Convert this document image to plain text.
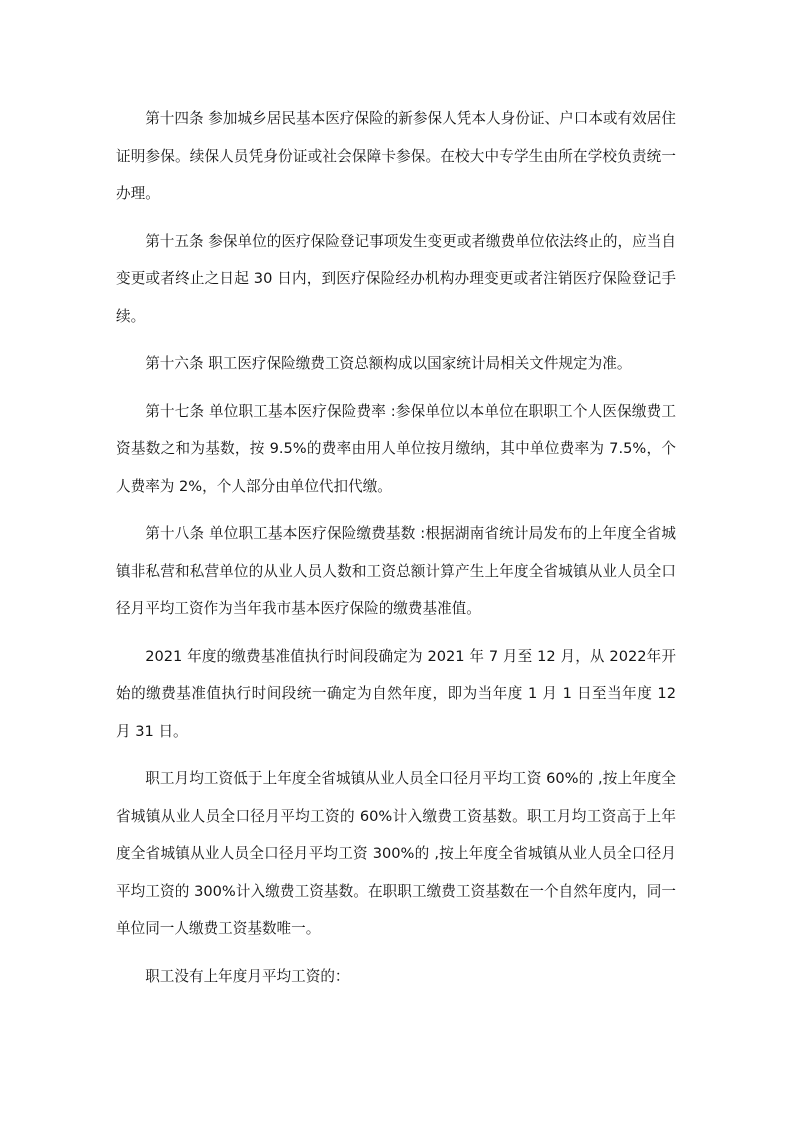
第十四条 参加城乡居民基本医疗保险的新参保人凭本人身份证、户口本或有效居住证明参保。续保人员凭身份证或社会保障卡参保。在校大中专学生由所在学校负责统一办理。

第十五条 参保单位的医疗保险登记事项发生变更或者缴费单位依法终止的，应当自变更或者终止之日起 30 日内，到医疗保险经办机构办理变更或者注销医疗保险登记手续。

第十六条 职工医疗保险缴费工资总额构成以国家统计局相关文件规定为准。

第十七条 单位职工基本医疗保险费率 :参保单位以本单位在职职工个人医保缴费工资基数之和为基数，按 9.5%的费率由用人单位按月缴纳，其中单位费率为 7.5%，个人费率为 2%，个人部分由单位代扣代缴。

第十八条 单位职工基本医疗保险缴费基数 :根据湖南省统计局发布的上年度全省城镇非私营和私营单位的从业人员人数和工资总额计算产生上年度全省城镇从业人员全口径月平均工资作为当年我市基本医疗保险的缴费基准值。

2021 年度的缴费基准值执行时间段确定为 2021 年 7 月至 12 月，从 2022年开始的缴费基准值执行时间段统一确定为自然年度，即为当年度 1 月 1 日至当年度 12 月 31 日。

职工月均工资低于上年度全省城镇从业人员全口径月平均工资 60%的 ,按上年度全省城镇从业人员全口径月平均工资的 60%计入缴费工资基数。职工月均工资高于上年度全省城镇从业人员全口径月平均工资 300%的 ,按上年度全省城镇从业人员全口径月平均工资的 300%计入缴费工资基数。在职职工缴费工资基数在一个自然年度内，同一单位同一人缴费工资基数唯一。

职工没有上年度月平均工资的：
